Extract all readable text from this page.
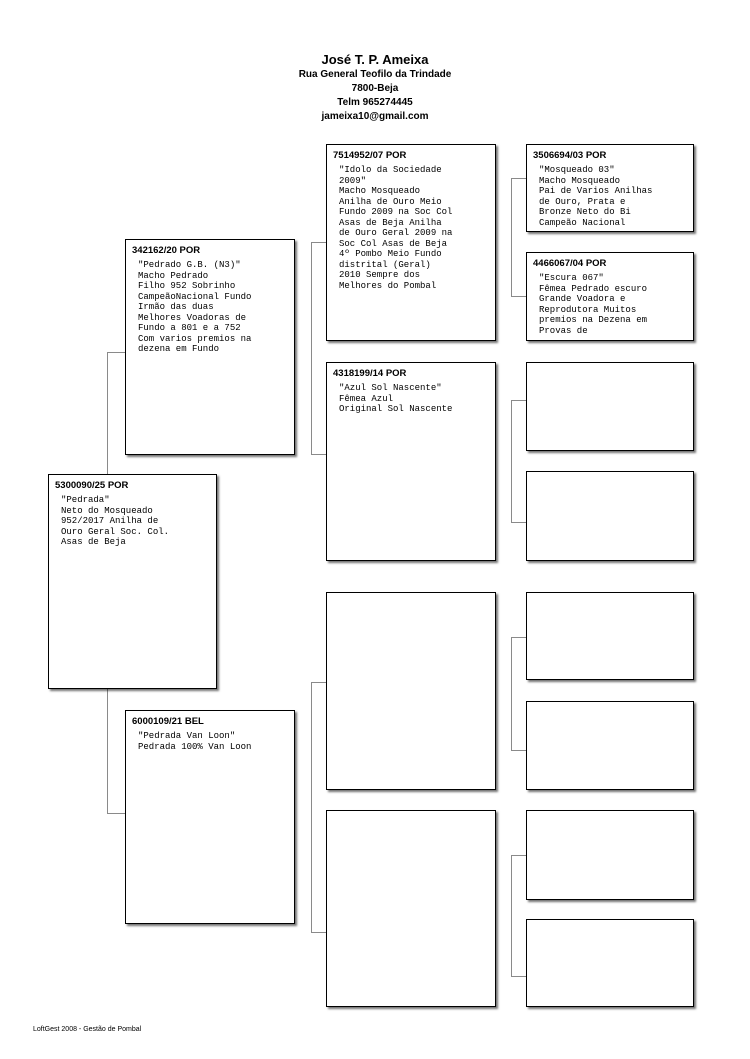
José T. P. Ameixa
Rua General Teofilo da Trindade
7800-Beja
Telm 965274445
jameixa10@gmail.com
5300090/25 POR
"Pedrada"
Neto do Mosqueado
952/2017 Anilha de
Ouro Geral Soc. Col.
Asas de Beja
342162/20 POR
"Pedrado G.B. (N3)"
Macho Pedrado
Filho 952 Sobrinho
CampeãoNacional Fundo
Irmão das duas
Melhores Voadoras de
Fundo a 801 e a 752
Com varios premios na
dezena em Fundo
6000109/21 BEL
"Pedrada Van Loon"
Pedrada 100% Van Loon
7514952/07 POR
"Idolo da Sociedade
2009"
Macho Mosqueado
Anilha de Ouro Meio
Fundo 2009 na Soc Col
Asas de Beja Anilha
de Ouro Geral 2009 na
Soc Col Asas de Beja
4º Pombo Meio Fundo
distrital (Geral)
2010 Sempre dos
Melhores do Pombal
4318199/14 POR
"Azul Sol Nascente"
Fêmea Azul
Original Sol Nascente
3506694/03 POR
"Mosqueado 03"
Macho Mosqueado
Pai de Varios Anilhas
de Ouro, Prata e
Bronze Neto do Bi
Campeão Nacional
4466067/04 POR
"Escura 067"
Fêmea Pedrado escuro
Grande Voadora e
Reprodutora Muitos
premios na Dezena em
Provas de
LoftGest 2008 - Gestão de Pombal
